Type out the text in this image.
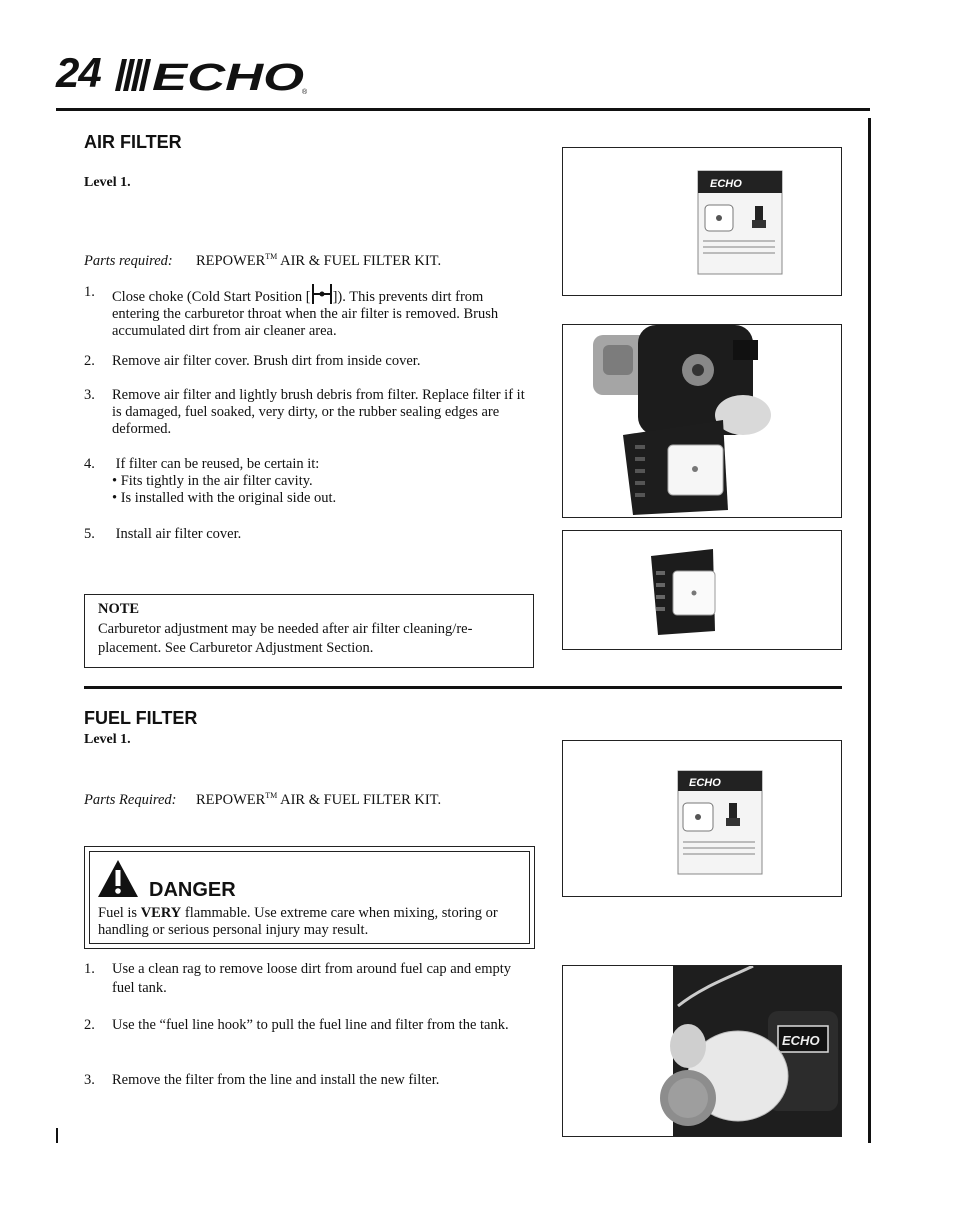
24 ECHO
®
AIR FILTER
Level 1.
Parts required: REPOWER™ AIR & FUEL FILTER KIT.
1.	Close choke (Cold Start Position [ ]). This prevents dirt from entering the carburetor throat when the air filter is removed. Brush accumulated dirt from air cleaner area.
2.	Remove air filter cover. Brush dirt from inside cover.
3.	Remove air filter and lightly brush debris from filter. Replace filter if it is damaged, fuel soaked, very dirty, or the rubber sealing edges are deformed.
4.	If filter can be reused, be certain it:
• Fits tightly in the air filter cavity.
• Is installed with the original side out.
5.	Install air filter cover.
NOTE
Carburetor adjustment may be needed after air filter cleaning/re-placement. See Carburetor Adjustment Section.
ECHO
FUEL FILTER
Level 1.
Parts Required: REPOWER™ AIR & FUEL FILTER KIT.
DANGER
Fuel is VERY flammable. Use extreme care when mixing, storing or handling or serious personal injury may result.
1.	Use a clean rag to remove loose dirt from around fuel cap and empty fuel tank.
2.	Use the “fuel line hook” to pull the fuel line and filter from the tank.
3.	Remove the filter from the line and install the new filter.
ECHO
ECHO
